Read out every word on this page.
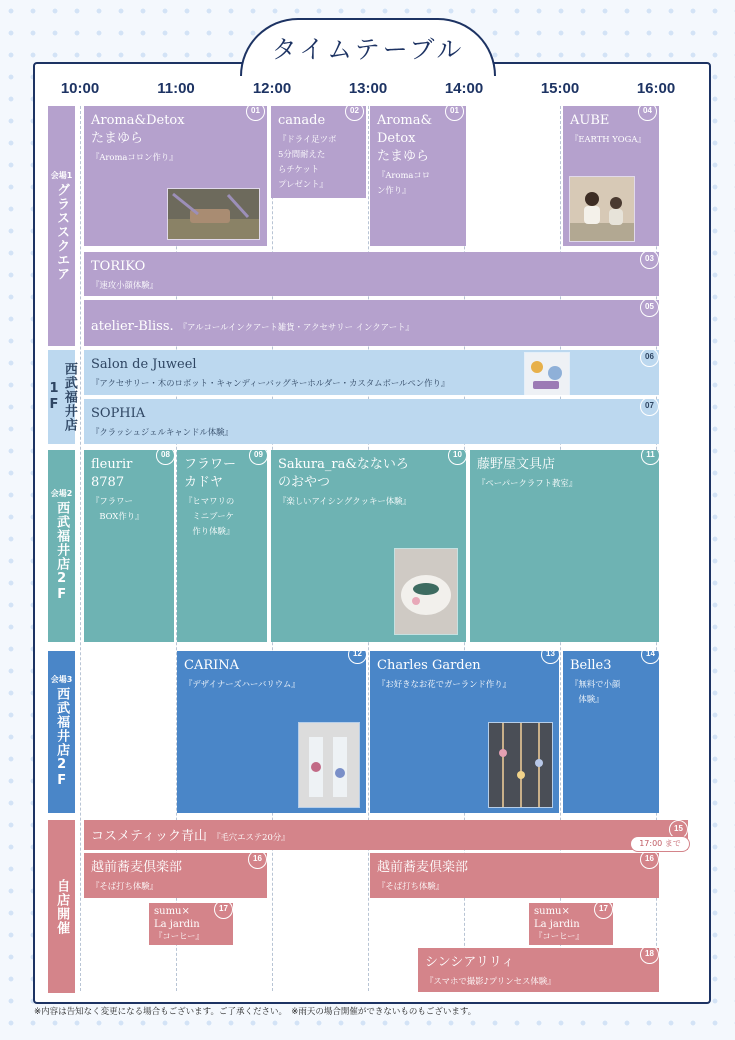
タイムテーブル
10:00	11:00	12:00	13:00	14:00	15:00	16:00
会場1
グラススクエア
西武福井店1F
会場2
西武福井店2F
会場3
西武福井店2F
自店開催
01
Aroma&Detox
たまゆら
『Aromaコロン作り』
02
canade
『ドライ足ツボ
5分間耐えた
らチケット
プレゼント』
01
Aroma&
Detox
たまゆら
『Aromaコロ
ン作り』
04
AUBE
『EARTH YOGA』
03
TORIKO
『速攻小顔体験』
05
atelier-Bliss. 『アルコールインクアート雑貨・アクセサリー インクアート』
06
Salon de Juweel
『アクセサリー・木のロボット・キャンディーバッグキーホルダー・カスタムボールペン作り』
07
SOPHIA
『クラッシュジェルキャンドル体験』
08
fleurir
8787
『フラワー
　BOX作り』
09
フラワー
カドヤ
『ヒマワリの
　ミニブーケ
　作り体験』
10
Sakura_ra&なないろ
のおやつ
『楽しいアイシングクッキー体験』
11
藤野屋文具店
『ペーパークラフト教室』
12
CARINA
『デザイナーズハーバリウム』
13
Charles Garden
『お好きなお花でガーランド作り』
14
Belle3
『無料で小顔
　体験』
15
コスメティック青山 『毛穴エステ20分』
17:00 まで
16
越前蕎麦倶楽部
『そば打ち体験』
16
越前蕎麦倶楽部
『そば打ち体験』
17
sumu×
La jardin
『コーヒー』
17
sumu×
La jardin
『コーヒー』
18
シンシアリリィ
『スマホで撮影♪プリンセス体験』
※内容は告知なく変更になる場合もございます。ご了承ください。　※雨天の場合開催ができないものもございます。
